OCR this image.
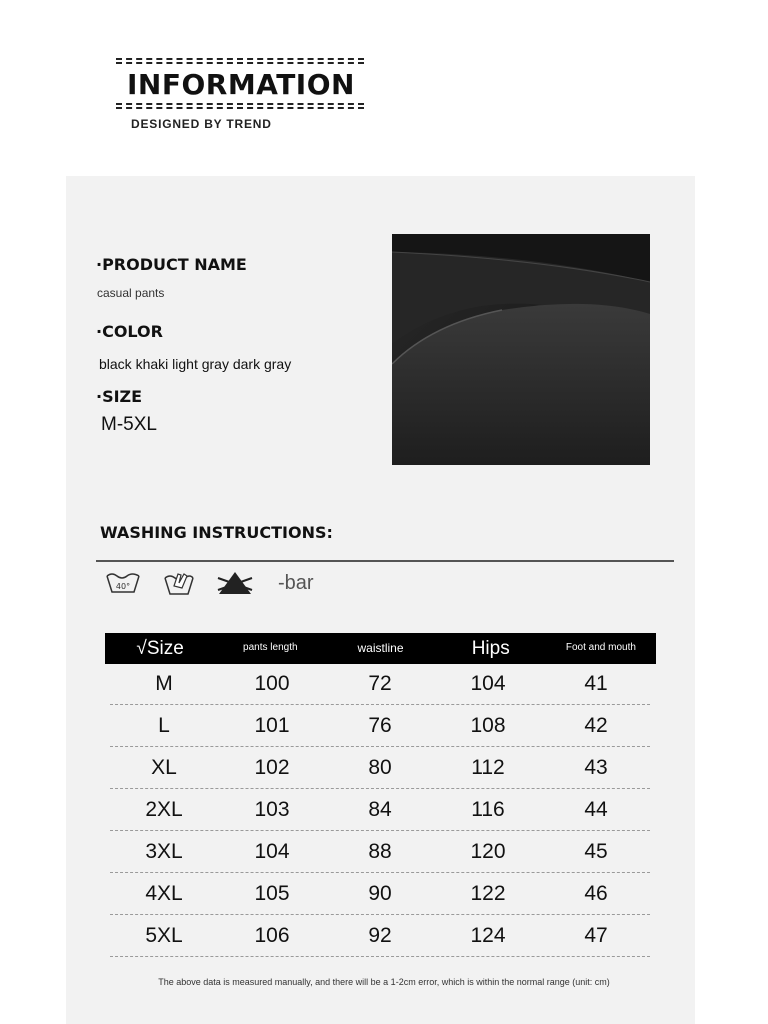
INFORMATION
DESIGNED BY TREND
·PRODUCT NAME
casual pants
·COLOR
black khaki light gray dark gray
·SIZE
M-5XL
WASHING INSTRUCTIONS:
40°	-bar
√Size	pants length	waistline	Hips	Foot and mouth
M	100	72	104	41
L	101	76	108	42
XL	102	80	112	43
2XL	103	84	116	44
3XL	104	88	120	45
4XL	105	90	122	46
5XL	106	92	124	47
The above data is measured manually, and there will be a 1-2cm error, which is within the normal range (unit: cm)
